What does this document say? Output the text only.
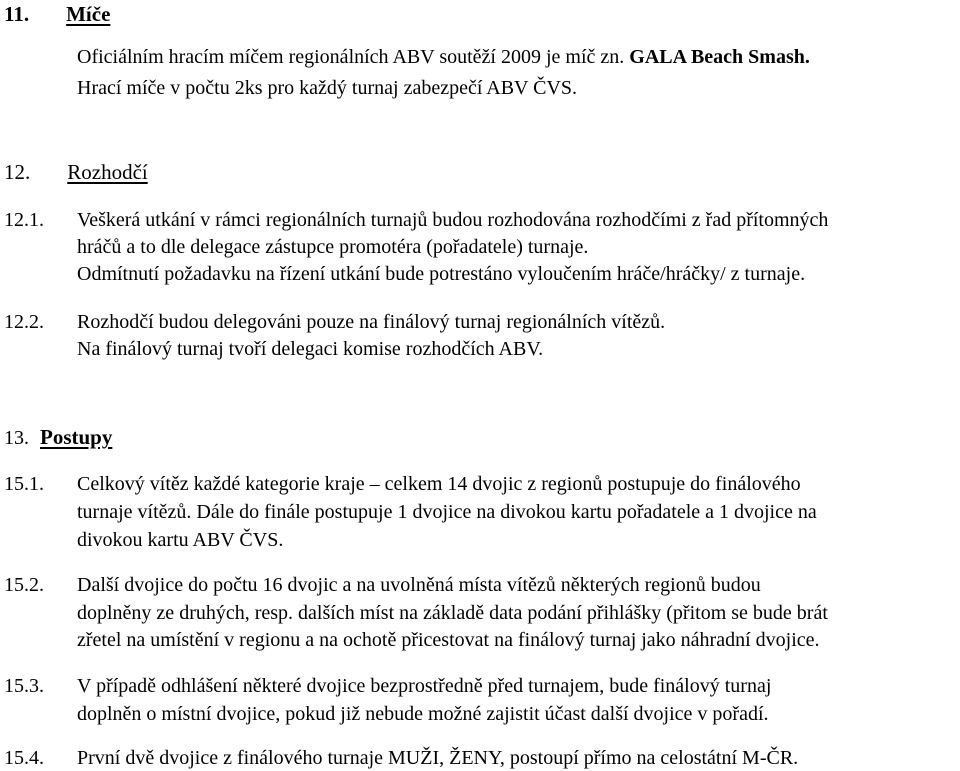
11. Míče
Oficiálním hracím míčem regionálních ABV soutěží 2009 je míč zn. GALA Beach Smash.
Hrací míče v počtu 2ks pro každý turnaj zabezpečí ABV ČVS.
12. Rozhodčí
12.1. Veškerá utkání v rámci regionálních turnajů budou rozhodována rozhodčími z řad přítomných
hráčů a to dle delegace zástupce promotéra (pořadatele) turnaje.
Odmítnutí požadavku na řízení utkání bude potrestáno vyloučením hráče/hráčky/ z turnaje.
12.2. Rozhodčí budou delegováni pouze na finálový turnaj regionálních vítězů.
Na finálový turnaj tvoří delegaci komise rozhodčích ABV.
13. Postupy
15.1. Celkový vítěz každé kategorie kraje – celkem 14 dvojic z regionů postupuje do finálového
turnaje vítězů. Dále do finále postupuje 1 dvojice na divokou kartu pořadatele a 1 dvojice na
divokou kartu ABV ČVS.
15.2. Další dvojice do počtu 16 dvojic a na uvolněná místa vítězů některých regionů budou
doplněny ze druhých, resp. dalších míst na základě data podání přihlášky (přitom se bude brát
zřetel na umístění v regionu a na ochotě přicestovat na finálový turnaj jako náhradní dvojice.
15.3. V případě odhlášení některé dvojice bezprostředně před turnajem, bude finálový turnaj
doplněn o místní dvojice, pokud již nebude možné zajistit účast další dvojice v pořadí.
15.4. První dvě dvojice z finálového turnaje MUŽI, ŽENY, postoupí přímo na celostátní M-ČR.
